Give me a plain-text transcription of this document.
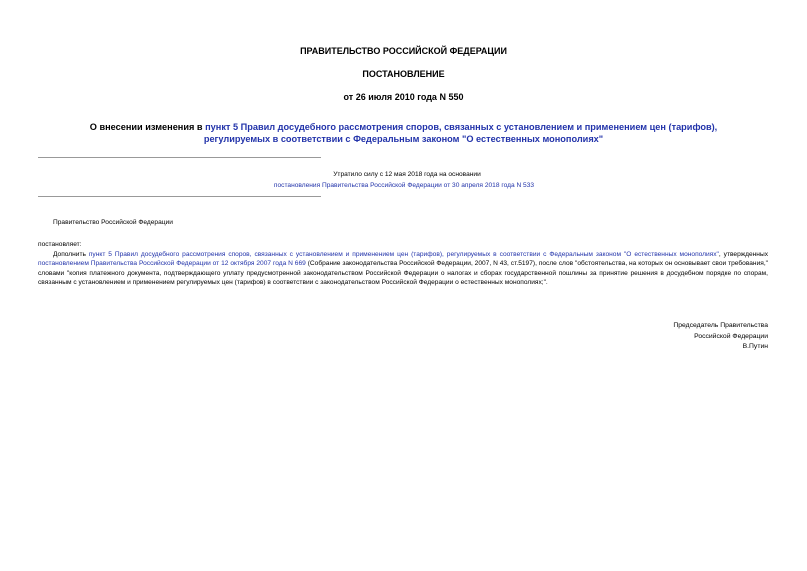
ПРАВИТЕЛЬСТВО РОССИЙСКОЙ ФЕДЕРАЦИИ
ПОСТАНОВЛЕНИЕ
от 26 июля 2010 года N 550
О внесении изменения в пункт 5 Правил досудебного рассмотрения споров, связанных с установлением и применением цен (тарифов), регулируемых в соответствии с Федеральным законом "О естественных монополиях"
Утратило силу с 12 мая 2018 года на основании
постановления Правительства Российской Федерации от 30 апреля 2018 года N 533
Правительство Российской Федерации
постановляет:
Дополнить пункт 5 Правил досудебного рассмотрения споров, связанных с установлением и применением цен (тарифов), регулируемых в соответствии с Федеральным законом "О естественных монополиях", утвержденных постановлением Правительства Российской Федерации от 12 октября 2007 года N 669 (Собрание законодательства Российской Федерации, 2007, N 43, ст.5197), после слов "обстоятельства, на которых он основывает свои требования," словами "копия платежного документа, подтверждающего уплату предусмотренной законодательством Российской Федерации о налогах и сборах государственной пошлины за принятие решения в досудебном порядке по спорам, связанным с установлением и применением регулируемых цен (тарифов) в соответствии с законодательством Российской Федерации о естественных монополиях;".
Председатель Правительства
Российской Федерации
В.Путин
